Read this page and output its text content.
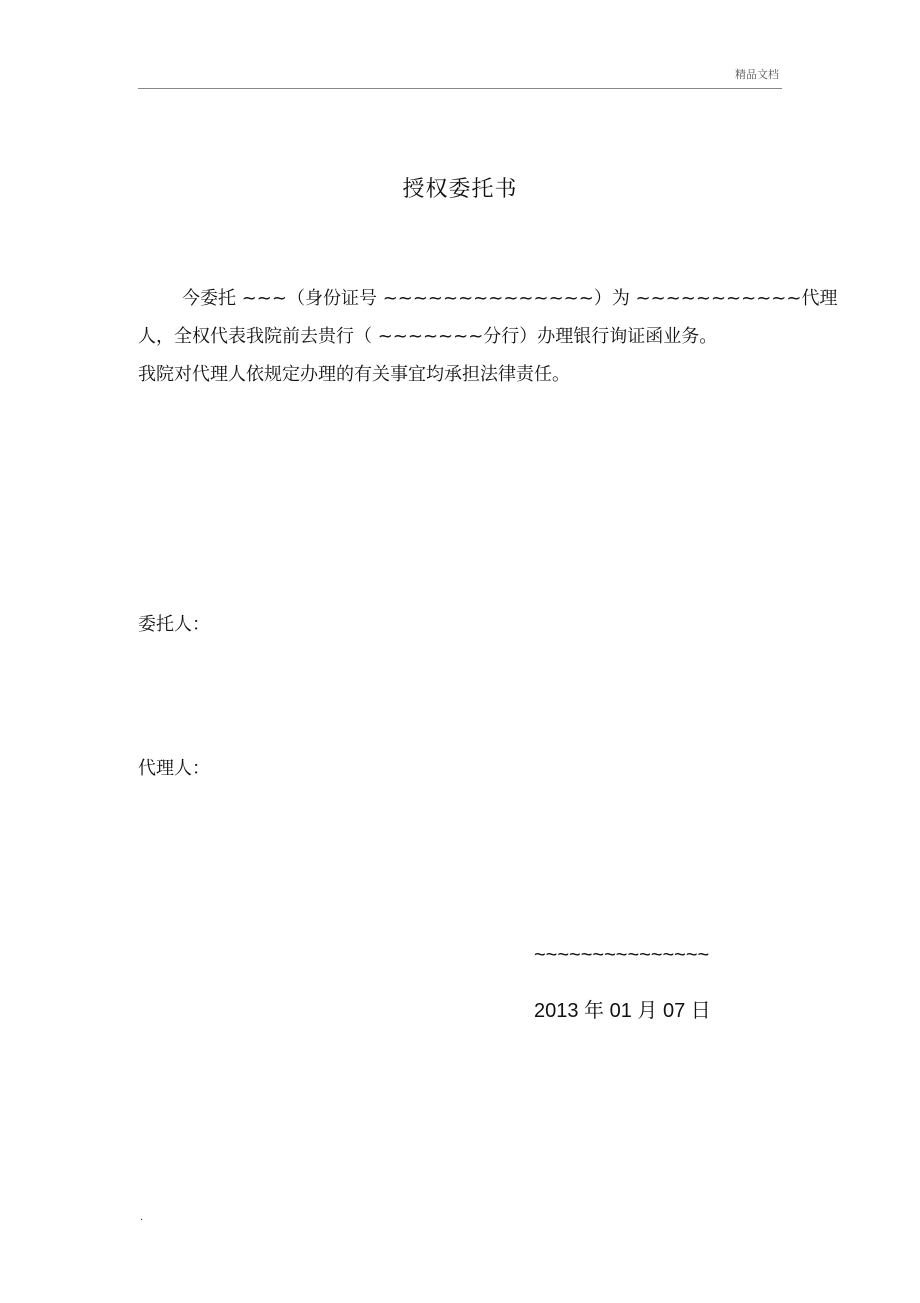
精品文档
授权委托书
今委托 ~~~（身份证号 ~~~~~~~~~~~~~~）为 ~~~~~~~~~~~代理
人，全权代表我院前去贵行（ ~~~~~~~分行）办理银行询证函业务。
我院对代理人依规定办理的有关事宜均承担法律责任。
委托人：
代理人：
~~~~~~~~~~~~~~~
2013 年 01 月 07 日
.
